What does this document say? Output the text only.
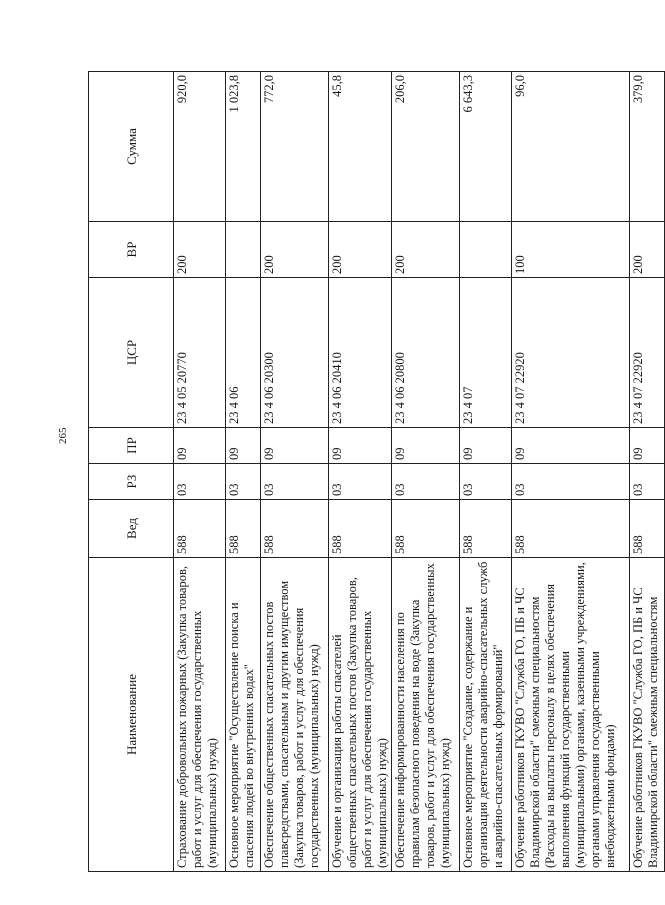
265
Наименование	Вед	РЗ	ПР	ЦСР	ВР	Сумма
Страхование добровольных пожарных (Закупка товаров, работ и услуг для обеспечения государственных (муниципальных) нужд)	588	03	09	23 4 05 20770	200	920,0
Основное мероприятие "Осуществление поиска и спасения людей во внутренних водах"	588	03	09	23 4 06		1 023,8
Обеспечение общественных спасательных постов плавсредствами, спасательным и другим имуществом (Закупка товаров, работ и услуг для обеспечения государственных (муниципальных) нужд)	588	03	09	23 4 06 20300	200	772,0
Обучение и организация работы спасателей общественных спасательных постов (Закупка товаров, работ и услуг для обеспечения государственных (муниципальных) нужд)	588	03	09	23 4 06 20410	200	45,8
Обеспечение информированности населения по правилам безопасного поведения на воде (Закупка товаров, работ и услуг для обеспечения государственных (муниципальных) нужд)	588	03	09	23 4 06 20800	200	206,0
Основное мероприятие "Создание, содержание и организация деятельности аварийно-спасательных служб и аварийно-спасательных формирований"	588	03	09	23 4 07		6 643,3
Обучение работников ГКУВО "Служба ГО, ПБ и ЧС Владимирской области" смежным специальностям (Расходы на выплаты персоналу в целях обеспечения выполнения функций государственными (муниципальными) органами, казенными учреждениями, органами управления государственными внебюджетными фондами)	588	03	09	23 4 07 22920	100	96,0
Обучение работников ГКУВО "Служба ГО, ПБ и ЧС Владимирской области" смежным специальностям	588	03	09	23 4 07 22920	200	379,0
